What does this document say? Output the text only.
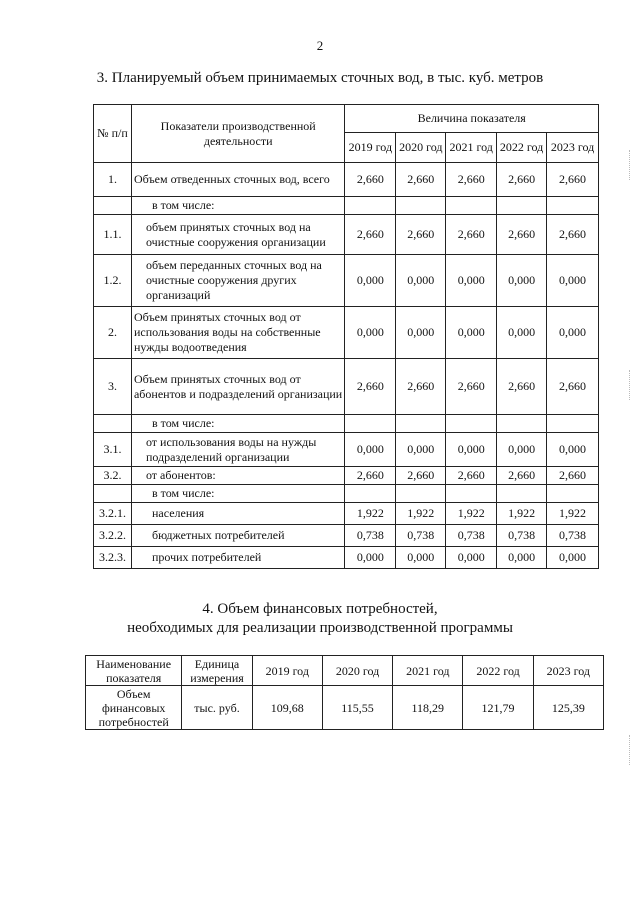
2
3. Планируемый объем принимаемых сточных вод, в тыс. куб. метров
№ п/п	Показатели производственной деятельности	Величина показателя				
		2019 год	2020 год	2021 год	2022 год	2023 год
1.	Объем отведенных сточных вод, всего	2,660	2,660	2,660	2,660	2,660
	в том числе:					
1.1.	объем принятых сточных вод на очистные сооружения организации	2,660	2,660	2,660	2,660	2,660
1.2.	объем переданных сточных вод на очистные сооружения других организаций	0,000	0,000	0,000	0,000	0,000
2.	Объем принятых сточных вод от использования воды на собственные нужды водоотведения	0,000	0,000	0,000	0,000	0,000
3.	Объем принятых сточных вод от абонентов и подразделений организации	2,660	2,660	2,660	2,660	2,660
	в том числе:					
3.1.	от использования воды на нужды подразделений организации	0,000	0,000	0,000	0,000	0,000
3.2.	от абонентов:	2,660	2,660	2,660	2,660	2,660
	в том числе:					
3.2.1.	населения	1,922	1,922	1,922	1,922	1,922
3.2.2.	бюджетных потребителей	0,738	0,738	0,738	0,738	0,738
3.2.3.	прочих потребителей	0,000	0,000	0,000	0,000	0,000
4. Объем финансовых потребностей,
необходимых для реализации производственной программы
Наименование показателя	Единица измерения	2019 год	2020 год	2021 год	2022 год	2023 год
Объем финансовых потребностей	тыс. руб.	109,68	115,55	118,29	121,79	125,39
